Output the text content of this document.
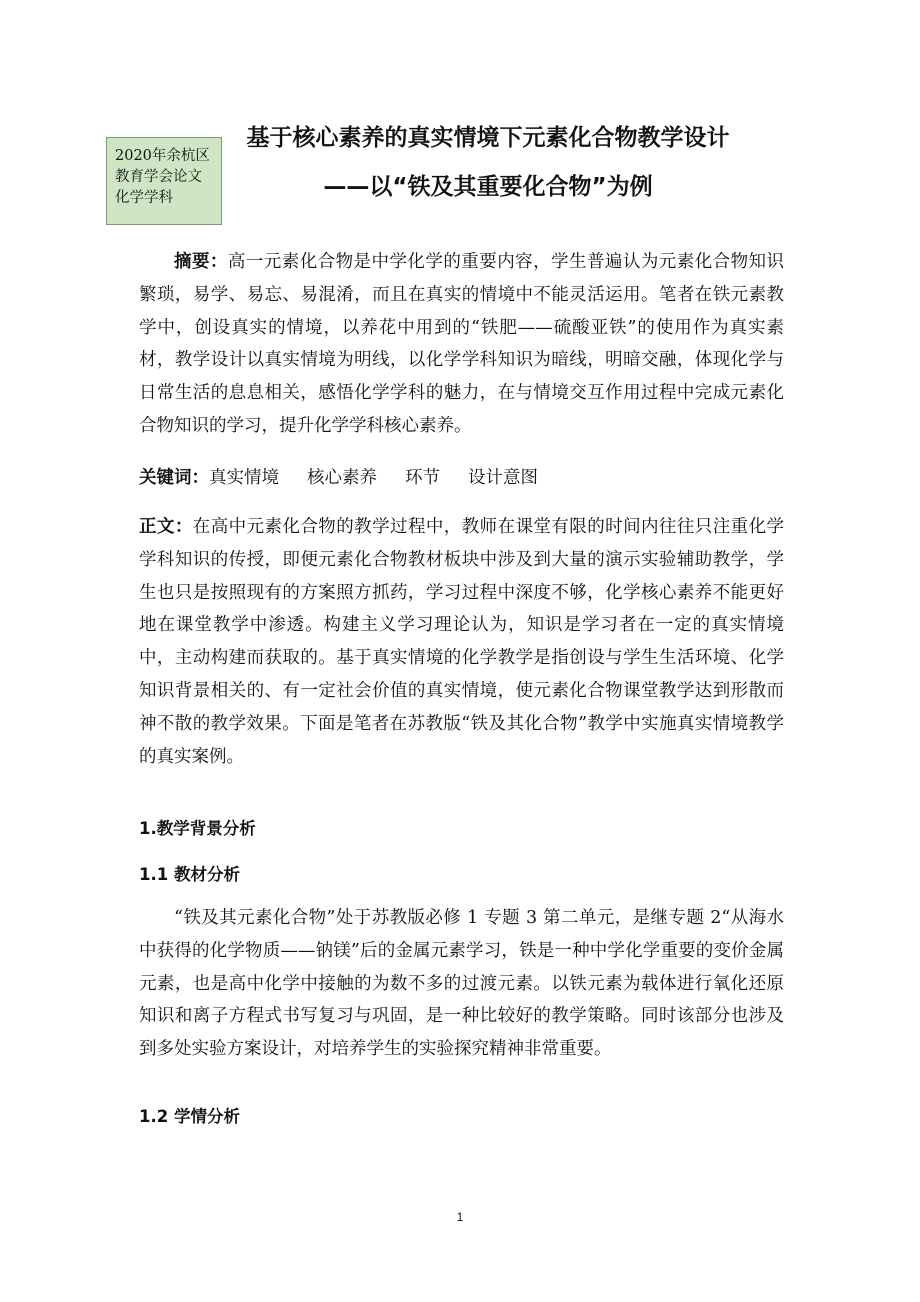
2020年余杭区
教育学会论文
化学学科
基于核心素养的真实情境下元素化合物教学设计
——以“铁及其重要化合物”为例

摘要：高一元素化合物是中学化学的重要内容，学生普遍认为元素化合物知识繁琐，易学、易忘、易混淆，而且在真实的情境中不能灵活运用。笔者在铁元素教学中，创设真实的情境，以养花中用到的“铁肥——硫酸亚铁”的使用作为真实素材，教学设计以真实情境为明线，以化学学科知识为暗线，明暗交融，体现化学与日常生活的息息相关，感悟化学学科的魅力，在与情境交互作用过程中完成元素化合物知识的学习，提升化学学科核心素养。

关键词：真实情境 核心素养 环节 设计意图

正文：在高中元素化合物的教学过程中，教师在课堂有限的时间内往往只注重化学学科知识的传授，即便元素化合物教材板块中涉及到大量的演示实验辅助教学，学生也只是按照现有的方案照方抓药，学习过程中深度不够，化学核心素养不能更好地在课堂教学中渗透。构建主义学习理论认为，知识是学习者在一定的真实情境中，主动构建而获取的。基于真实情境的化学教学是指创设与学生生活环境、化学知识背景相关的、有一定社会价值的真实情境，使元素化合物课堂教学达到形散而神不散的教学效果。下面是笔者在苏教版“铁及其化合物”教学中实施真实情境教学的真实案例。

1.教学背景分析
1.1 教材分析

“铁及其元素化合物”处于苏教版必修 1 专题 3 第二单元，是继专题 2“从海水中获得的化学物质——钠镁”后的金属元素学习，铁是一种中学化学重要的变价金属元素，也是高中化学中接触的为数不多的过渡元素。以铁元素为载体进行氧化还原知识和离子方程式书写复习与巩固，是一种比较好的教学策略。同时该部分也涉及到多处实验方案设计，对培养学生的实验探究精神非常重要。

1.2 学情分析
1
